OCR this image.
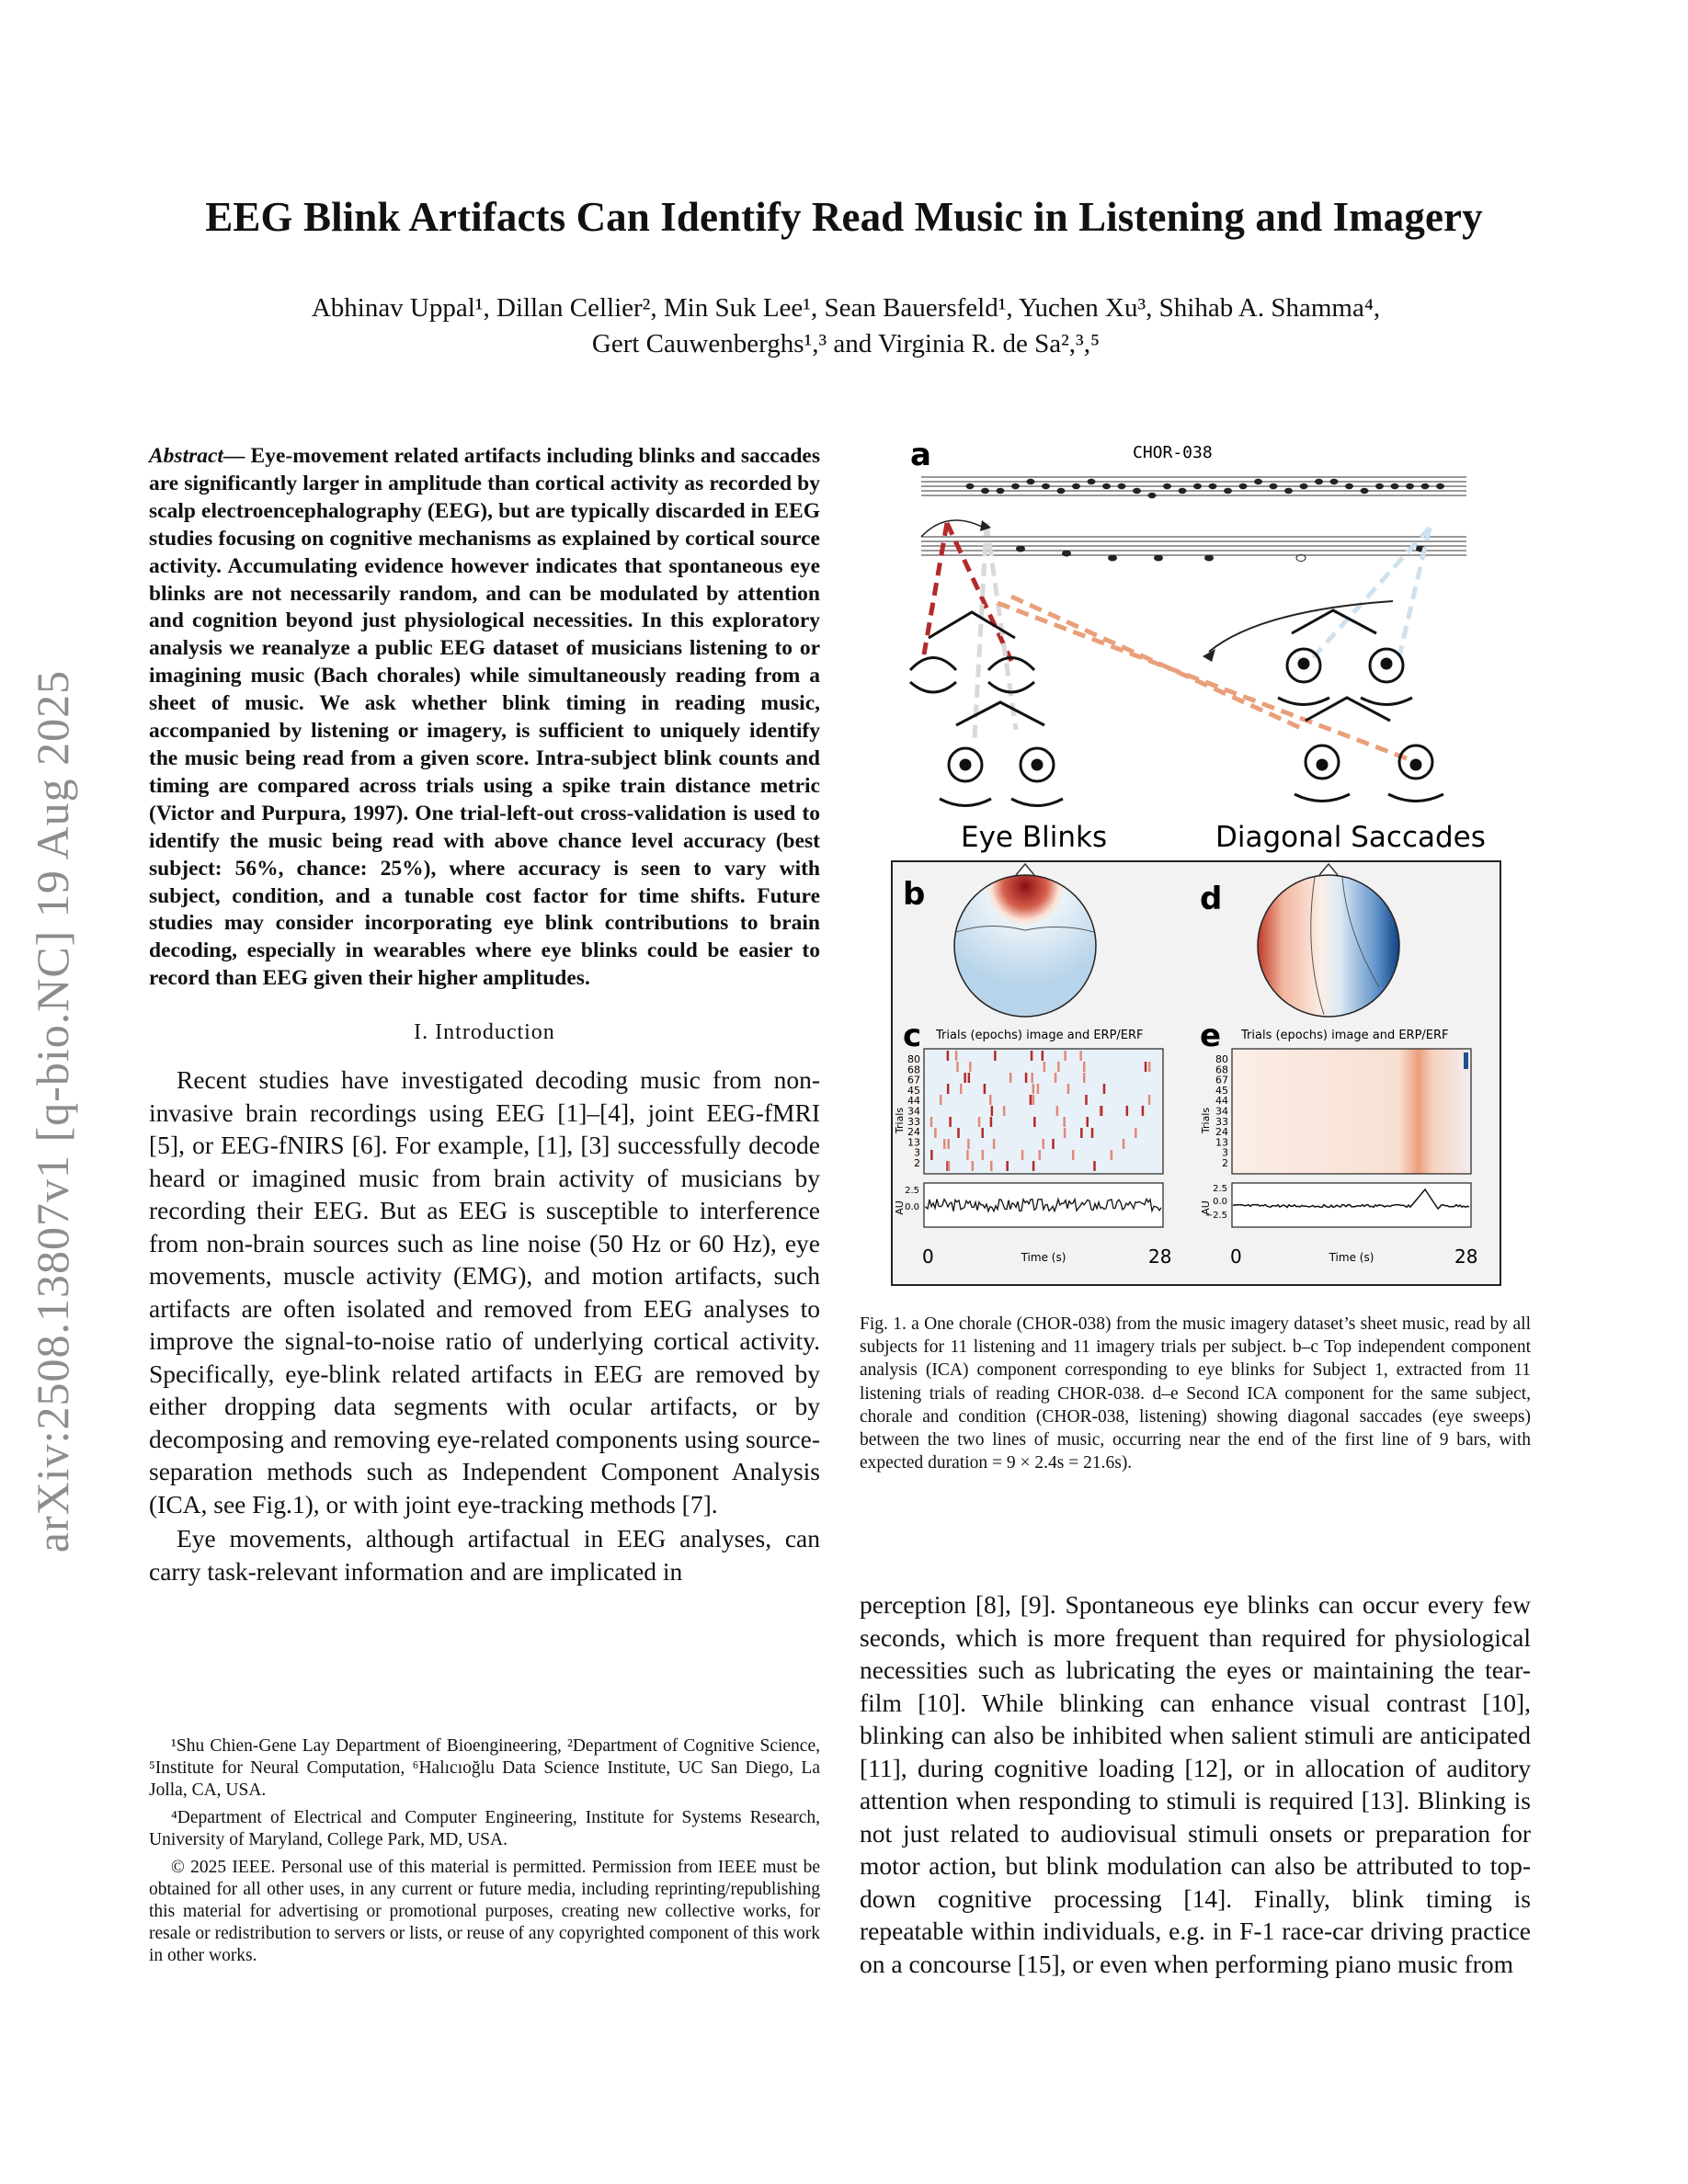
arXiv:2508.13807v1 [q-bio.NC] 19 Aug 2025
EEG Blink Artifacts Can Identify Read Music in Listening and Imagery
Abhinav Uppal¹, Dillan Cellier², Min Suk Lee¹, Sean Bauersfeld¹, Yuchen Xu³, Shihab A. Shamma⁴,
Gert Cauwenberghs¹,³ and Virginia R. de Sa²,³,⁵

Abstract— Eye-movement related artifacts including blinks and saccades are significantly larger in amplitude than cortical activity as recorded by scalp electroencephalography (EEG), but are typically discarded in EEG studies focusing on cognitive mechanisms as explained by cortical source activity. Accumulating evidence however indicates that spontaneous eye blinks are not necessarily random, and can be modulated by attention and cognition beyond just physiological necessities. In this exploratory analysis we reanalyze a public EEG dataset of musicians listening to or imagining music (Bach chorales) while simultaneously reading from a sheet of music. We ask whether blink timing in reading music, accompanied by listening or imagery, is sufficient to uniquely identify the music being read from a given score. Intra-subject blink counts and timing are compared across trials using a spike train distance metric (Victor and Purpura, 1997). One trial-left-out cross-validation is used to identify the music being read with above chance level accuracy (best subject: 56%, chance: 25%), where accuracy is seen to vary with subject, condition, and a tunable cost factor for time shifts. Future studies may consider incorporating eye blink contributions to brain decoding, especially in wearables where eye blinks could be easier to record than EEG given their higher amplitudes.

I. Introduction

Recent studies have investigated decoding music from non-invasive brain recordings using EEG [1]–[4], joint EEG-fMRI [5], or EEG-fNIRS [6]. For example, [1], [3] successfully decode heard or imagined music from brain activity of musicians by recording their EEG. But as EEG is susceptible to interference from non-brain sources such as line noise (50 Hz or 60 Hz), eye movements, muscle activity (EMG), and motion artifacts, such artifacts are often isolated and removed from EEG analyses to improve the signal-to-noise ratio of underlying cortical activity. Specifically, eye-blink related artifacts in EEG are removed by either dropping data segments with ocular artifacts, or by decomposing and removing eye-related components using source-separation methods such as Independent Component Analysis (ICA, see Fig.1), or with joint eye-tracking methods [7].

Eye movements, although artifactual in EEG analyses, can carry task-relevant information and are implicated in

¹Shu Chien-Gene Lay Department of Bioengineering, ²Department of Cognitive Science, ⁵Institute for Neural Computation, ⁶Halıcıoğlu Data Science Institute, UC San Diego, La Jolla, CA, USA.

⁴Department of Electrical and Computer Engineering, Institute for Systems Research, University of Maryland, College Park, MD, USA.

© 2025 IEEE. Personal use of this material is permitted. Permission from IEEE must be obtained for all other uses, in any current or future media, including reprinting/republishing this material for advertising or promotional purposes, creating new collective works, for resale or redistribution to servers or lists, or reuse of any copyrighted component of this work in other works.

a	CHOR-038
Eye Blinks	Diagonal Saccades
b	d
c Trials (epochs) image and ERP/ERF
80
68
67
45
44
34
33
24
13
3
2
Trials
AU
2.5
0.0
0	Time (s)	28
e Trials (epochs) image and ERP/ERF
80
68
67
45
44
34
33
24
13
3
2
Trials
AU
2.5
0.0
−2.5
0	Time (s)	28
Fig. 1. a One chorale (CHOR-038) from the music imagery dataset’s sheet music, read by all subjects for 11 listening and 11 imagery trials per subject. b–c Top independent component analysis (ICA) component corresponding to eye blinks for Subject 1, extracted from 11 listening trials of reading CHOR-038. d–e Second ICA component for the same subject, chorale and condition (CHOR-038, listening) showing diagonal saccades (eye sweeps) between the two lines of music, occurring near the end of the first line of 9 bars, with expected duration = 9 × 2.4s = 21.6s).

perception [8], [9]. Spontaneous eye blinks can occur every few seconds, which is more frequent than required for physiological necessities such as lubricating the eyes or maintaining the tear-film [10]. While blinking can enhance visual contrast [10], blinking can also be inhibited when salient stimuli are anticipated [11], during cognitive loading [12], or in allocation of auditory attention when responding to stimuli is required [13]. Blinking is not just related to audiovisual stimuli onsets or preparation for motor action, but blink modulation can also be attributed to top-down cognitive processing [14]. Finally, blink timing is repeatable within individuals, e.g. in F-1 race-car driving practice on a concourse [15], or even when performing piano music from
